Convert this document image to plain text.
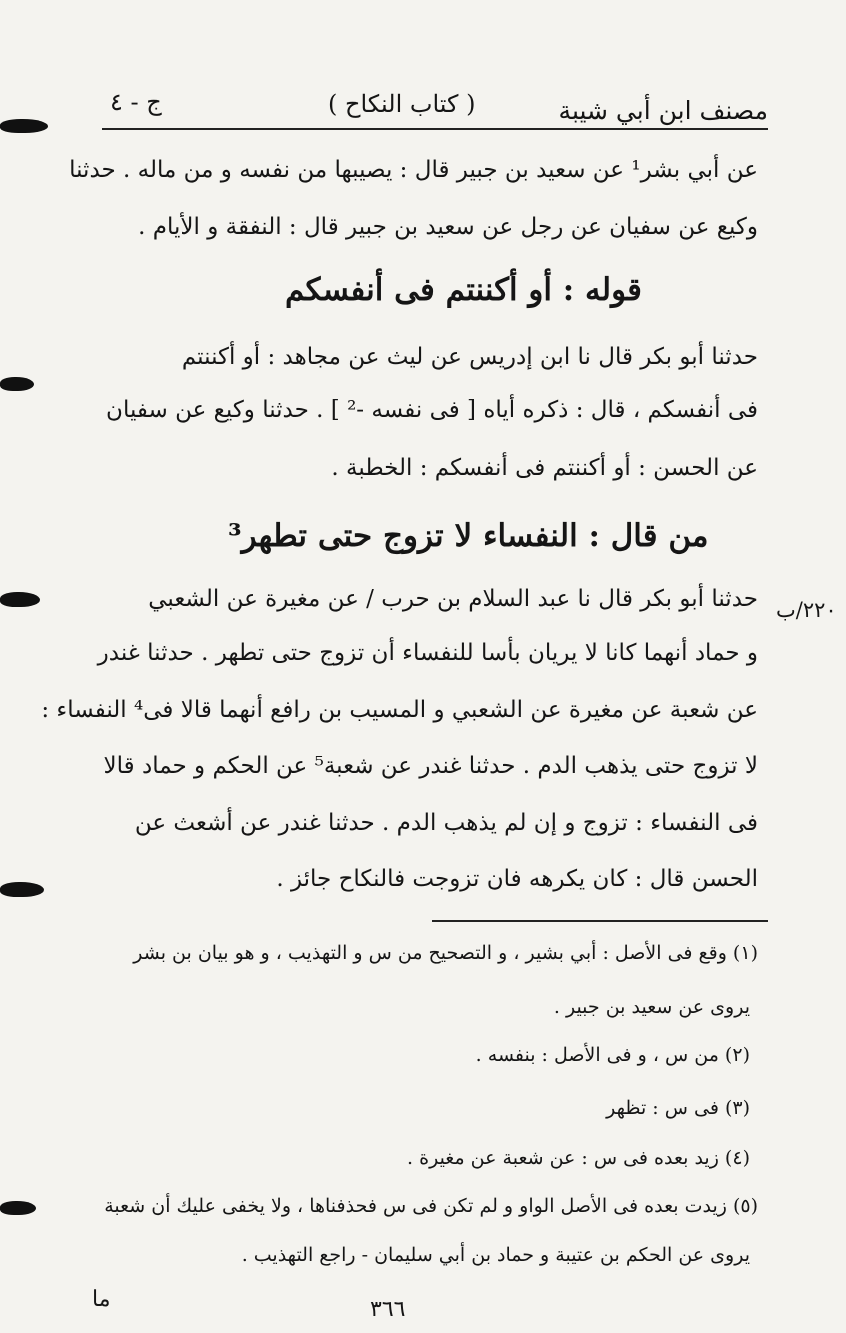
ج - ٤	( كتاب النكاح )	مصنف ابن أبي شيبة
عن أبي بشر¹ عن سعيد بن جبير قال : يصيبها من نفسه و من ماله . حدثنا
وكيع عن سفيان عن رجل عن سعيد بن جبير قال : النفقة و الأيام .
قوله : أو أكننتم فى أنفسكم
حدثنا أبو بكر قال نا ابن إدريس عن ليث عن مجاهد : أو أكننتم
فى أنفسكم ، قال : ذكره أياه [ فى نفسه -² ] . حدثنا وكيع عن سفيان
عن الحسن : أو أكننتم فى أنفسكم : الخطبة .
من قال : النفساء لا تزوج حتى تطهر³
حدثنا أبو بكر قال نا عبد السلام بن حرب / عن مغيرة عن الشعبي ٢٢٠/ب
و حماد أنهما كانا لا يريان بأسا للنفساء أن تزوج حتى تطهر . حدثنا غندر
عن شعبة عن مغيرة عن الشعبي و المسيب بن رافع أنهما قالا فى⁴ النفساء :
لا تزوج حتى يذهب الدم . حدثنا غندر عن شعبة⁵ عن الحكم و حماد قالا
فى النفساء : تزوج و إن لم يذهب الدم . حدثنا غندر عن أشعث عن
الحسن قال : كان يكرهه فان تزوجت فالنكاح جائز .
(١) وقع فى الأصل : أبي بشير ، و التصحيح من س و التهذيب ، و هو بيان بن بشر
يروى عن سعيد بن جبير .
(٢) من س ، و فى الأصل : بنفسه .
(٣) فى س : تظهر
(٤) زيد بعده فى س : عن شعبة عن مغيرة .
(٥) زيدت بعده فى الأصل الواو و لم تكن فى س فحذفناها ، ولا يخفى عليك أن شعبة
يروى عن الحكم بن عتيبة و حماد بن أبي سليمان - راجع التهذيب .
ما	٣٦٦
